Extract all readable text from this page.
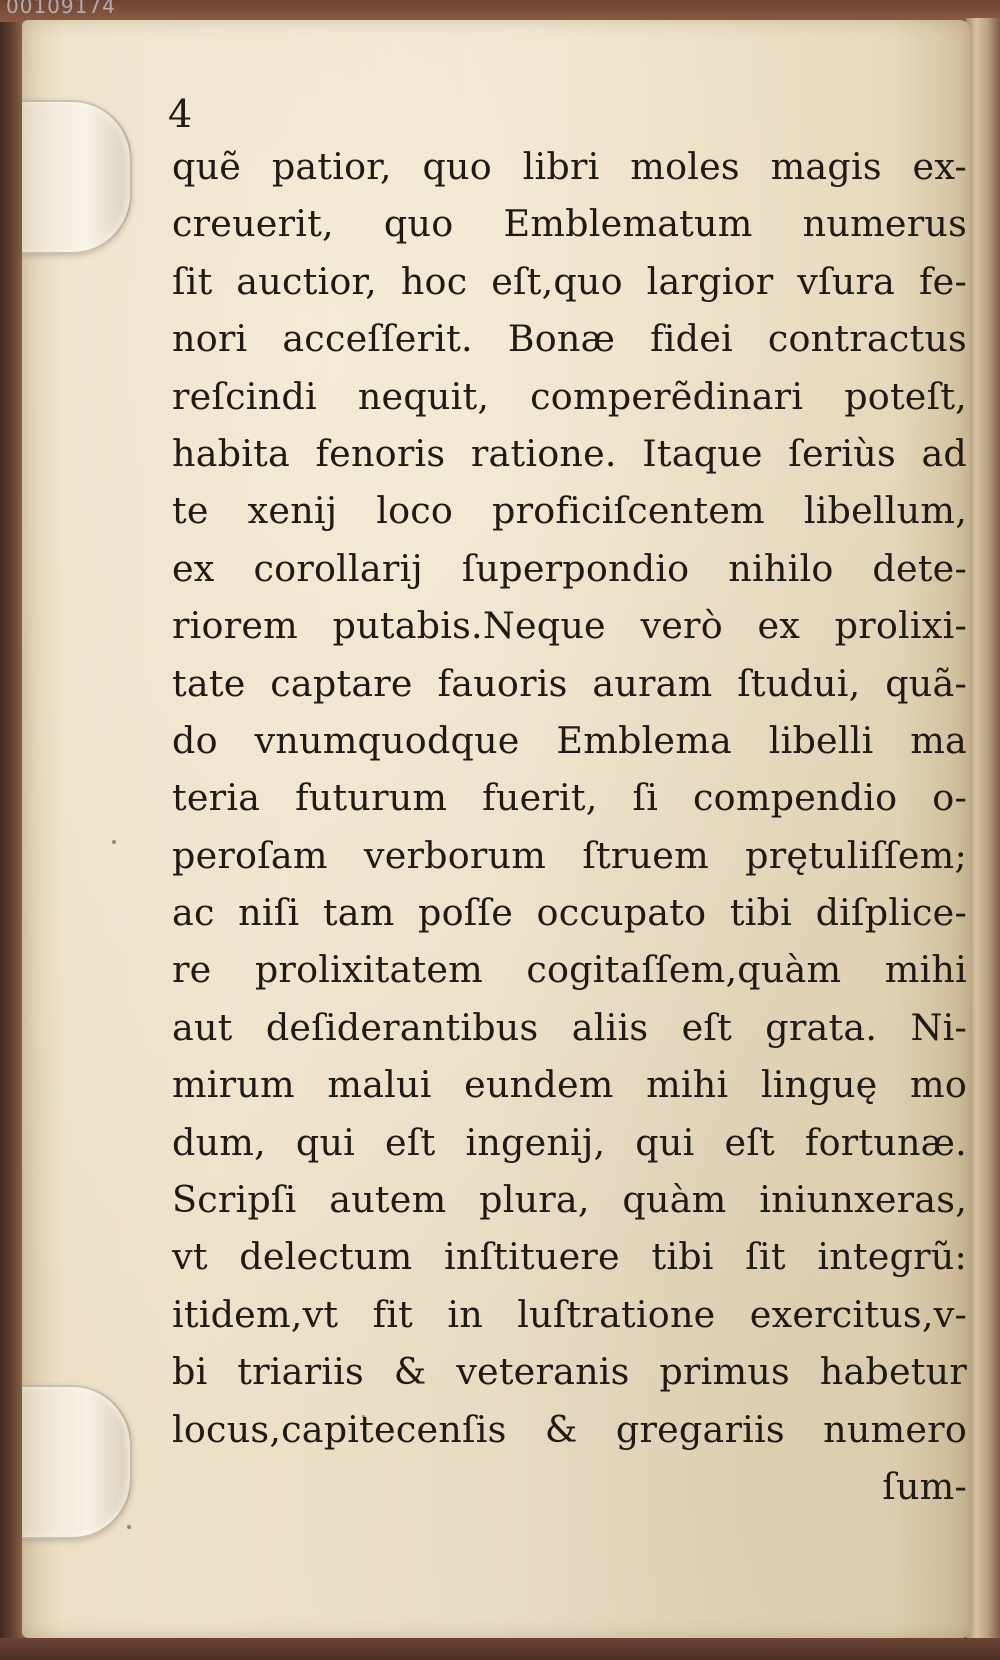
00109174
4
quẽ patior, quo libri moles magis ex-
creuerit, quo Emblematum numerus
ſit auctior, hoc eſt,quo largior vſura fe-
nori acceſſerit. Bonæ fidei contractus
reſcindi nequit, comperẽdinari poteſt,
habita fenoris ratione. Itaque ſeriùs ad
te xenij loco proficiſcentem libellum,
ex corollarij ſuperpondio nihilo dete-
riorem putabis.Neque verò ex prolixi-
tate captare fauoris auram ſtudui, quã-
do vnumquodque Emblema libelli ma
teria futurum fuerit, ſi compendio o-
peroſam verborum ſtruem prętuliſſem;
ac niſi tam poſſe occupato tibi diſplice-
re prolixitatem cogitaſſem,quàm mihi
aut deſiderantibus aliis eſt grata. Ni-
mirum malui eundem mihi linguę mo
dum, qui eſt ingenij, qui eſt fortunæ.
Scripſi autem plura, quàm iniunxeras,
vt delectum inſtituere tibi ſit integrũ:
itidem,vt fit in luſtratione exercitus,v-
bi triariis & veteranis primus habetur
locus,capitecenſis & gregariis numero
ſum-
